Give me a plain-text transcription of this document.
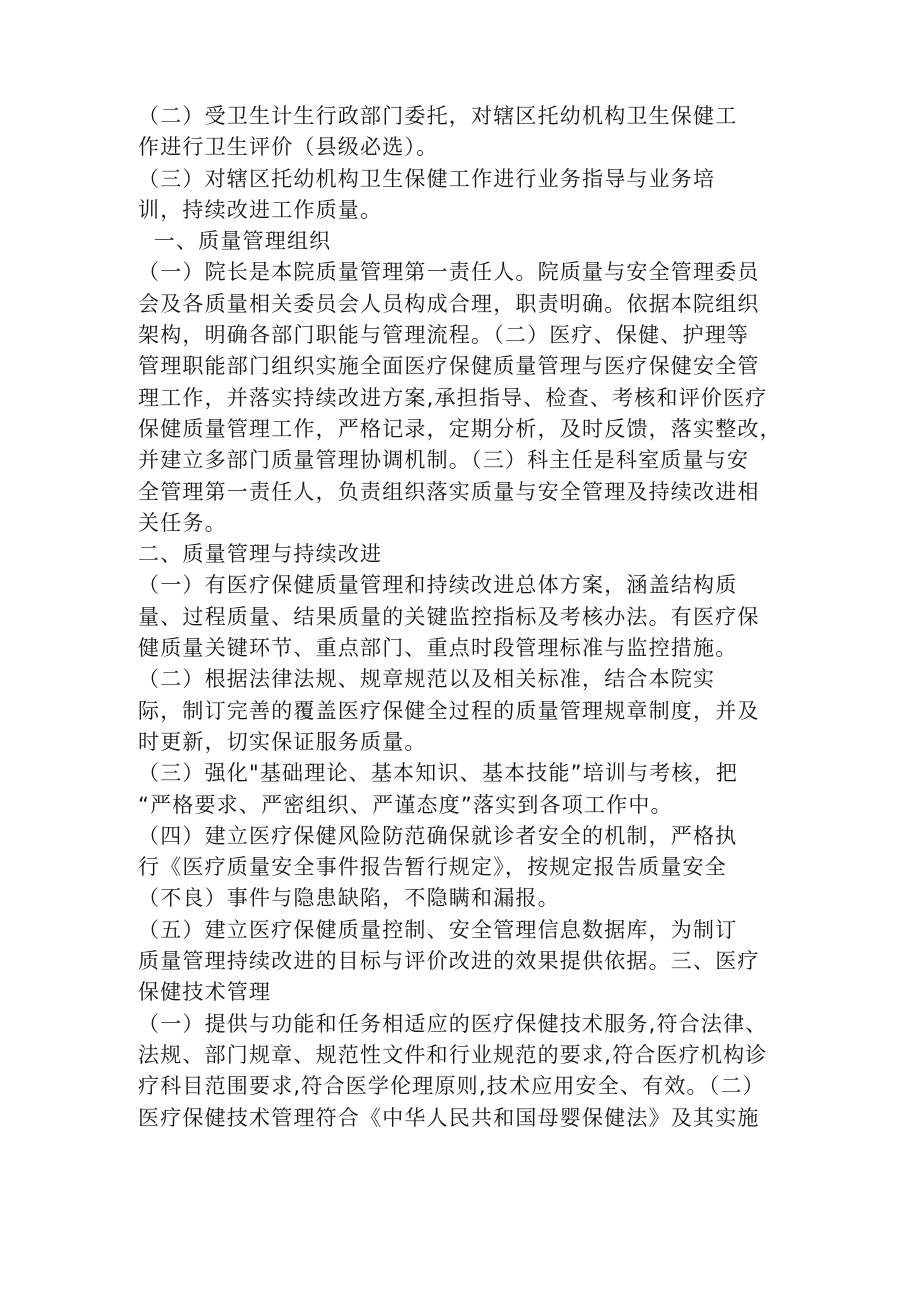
（二）受卫生计生行政部门委托，对辖区托幼机构卫生保健工
作进行卫生评价（县级必选）。
（三）对辖区托幼机构卫生保健工作进行业务指导与业务培
训，持续改进工作质量。
一、质量管理组织
（一）院长是本院质量管理第一责任人。院质量与安全管理委员
会及各质量相关委员会人员构成合理，职责明确。依据本院组织
架构，明确各部门职能与管理流程。（二）医疗、保健、护理等
管理职能部门组织实施全面医疗保健质量管理与医疗保健安全管
理工作，并落实持续改进方案,承担指导、检查、考核和评价医疗
保健质量管理工作，严格记录，定期分析，及时反馈，落实整改，
并建立多部门质量管理协调机制。（三）科主任是科室质量与安
全管理第一责任人，负责组织落实质量与安全管理及持续改进相
关任务。
二、质量管理与持续改进
（一）有医疗保健质量管理和持续改进总体方案，涵盖结构质
量、过程质量、结果质量的关键监控指标及考核办法。有医疗保
健质量关键环节、重点部门、重点时段管理标准与监控措施。
（二）根据法律法规、规章规范以及相关标准，结合本院实
际，制订完善的覆盖医疗保健全过程的质量管理规章制度，并及
时更新，切实保证服务质量。
（三）强化"基础理论、基本知识、基本技能”培训与考核，把
“严格要求、严密组织、严谨态度”落实到各项工作中。
（四）建立医疗保健风险防范确保就诊者安全的机制，严格执
行《医疗质量安全事件报告暂行规定》，按规定报告质量安全
（不良）事件与隐患缺陷，不隐瞒和漏报。
（五）建立医疗保健质量控制、安全管理信息数据库，为制订
质量管理持续改进的目标与评价改进的效果提供依据。三、医疗
保健技术管理
（一）提供与功能和任务相适应的医疗保健技术服务,符合法律、
法规、部门规章、规范性文件和行业规范的要求,符合医疗机构诊
疗科目范围要求,符合医学伦理原则,技术应用安全、有效。（二）
医疗保健技术管理符合《中华人民共和国母婴保健法》及其实施
